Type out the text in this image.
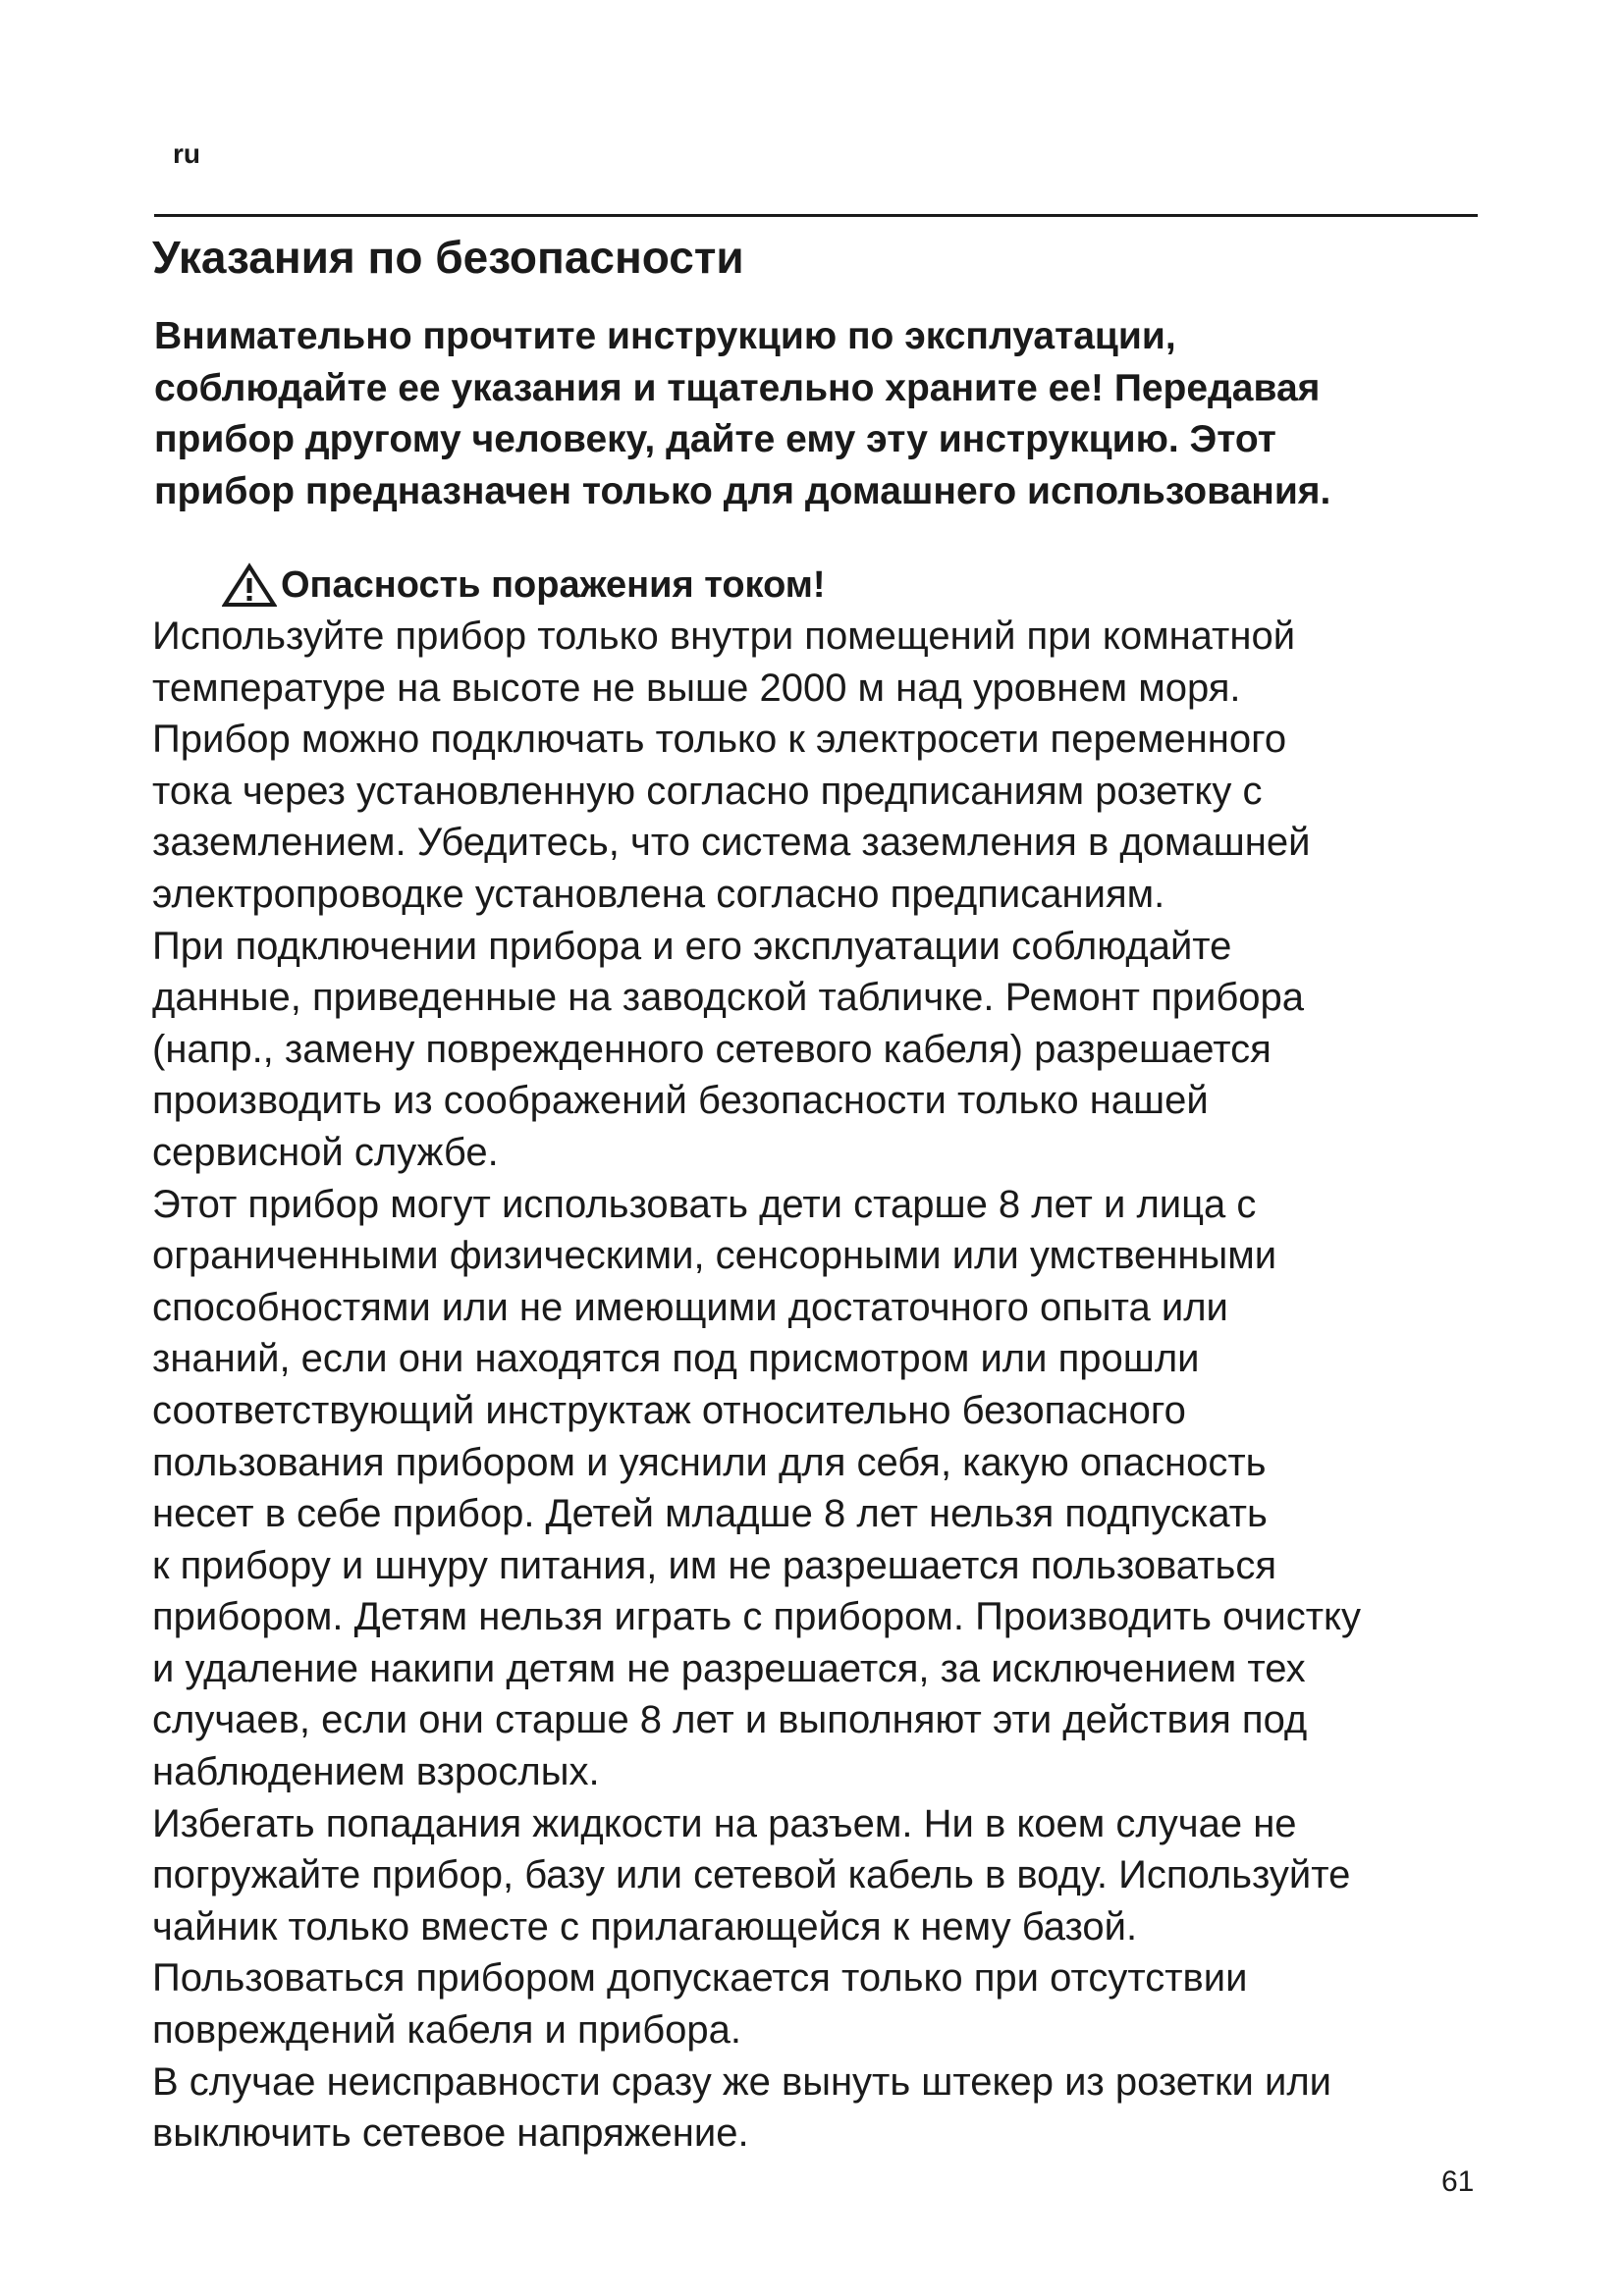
ru
Указания по безопасности

Внимательно прочтите инструкцию по эксплуатации,
соблюдайте ее указания и тщательно храните ее! Передавая
прибор другому человеку, дайте ему эту инструкцию. Этот
прибор предназначен только для домашнего использования.

Опасность поражения током!

Используйте прибор только внутри помещений при комнатной
температуре на высоте не выше 2000 м над уровнем моря.
Прибор можно подключать только к электросети переменного
тока через установленную согласно предписаниям розетку с
заземлением. Убедитесь, что система заземления в домашней
электропроводке установлена согласно предписаниям.
При подключении прибора и его эксплуатации соблюдайте
данные, приведенные на заводской табличке. Ремонт прибора
(напр., замену поврежденного сетевого кабеля) разрешается
производить из соображений безопасности только нашей
сервисной службе.
Этот прибор могут использовать дети старше 8 лет и лица с
ограниченными физическими, сенсорными или умственными
способностями или не имеющими достаточного опыта или
знаний, если они находятся под присмотром или прошли
соответствующий инструктаж относительно безопасного
пользования прибором и уяснили для себя, какую опасность
несет в себе прибор. Детей младше 8 лет нельзя подпускать
к прибору и шнуру питания, им не разрешается пользоваться
прибором. Детям нельзя играть с прибором. Производить очистку
и удаление накипи детям не разрешается, за исключением тех
случаев, если они старше 8 лет и выполняют эти действия под
наблюдением взрослых.
Избегать попадания жидкости на разъем. Ни в коем случае не
погружайте прибор, базу или сетевой кабель в воду. Используйте
чайник только вместе с прилагающейся к нему базой.
Пользоваться прибором допускается только при отсутствии
повреждений кабеля и прибора.
В случае неисправности сразу же вынуть штекер из розетки или
выключить сетевое напряжение.

61
